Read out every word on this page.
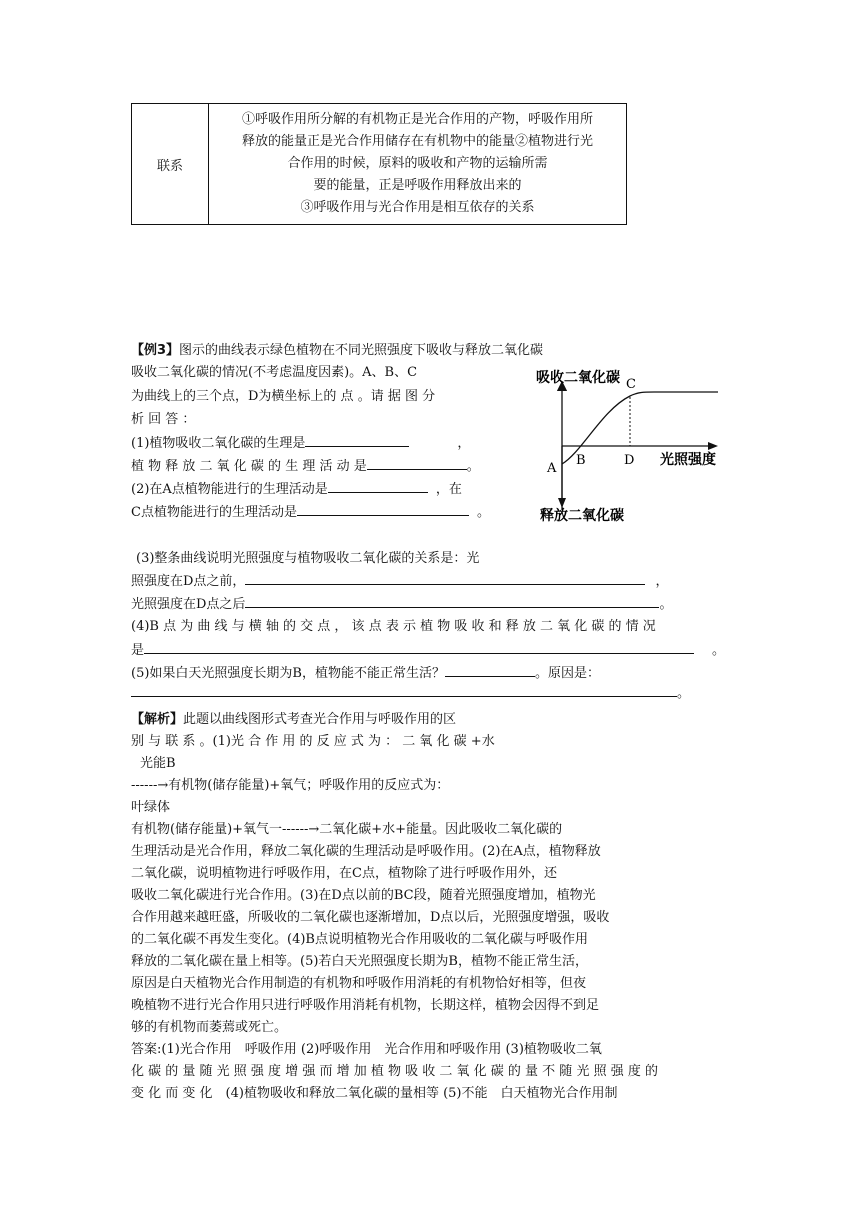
联系	
①呼吸作用所分解的有机物正是光合作用的产物，呼吸作用所
释放的能量正是光合作用储存在有机物中的能量②植物进行光
合作用的时候，原料的吸收和产物的运输所需
要的能量，正是呼吸作用释放出来的
③呼吸作用与光合作用是相互依存的关系
【例3】图示的曲线表示绿色植物在不同光照强度下吸收与释放二氧化碳
吸收二氧化碳的情况(不考虑温度因素)。A、B、C
为曲线上的三个点，D为横坐标上的 点 。请 据 图 分
析 回 答 ：
(1)植物吸收二氧化碳的生理是	，
植 物 释 放 二 氧 化 碳 的 生 理 活 动 是	。
(2)在A点植物能进行的生理活动是	，在
C点植物能进行的生理活动是	。
吸收二氧化碳
释放二氧化碳
光照强度
A
B
C
D
(3)整条曲线说明光照强度与植物吸收二氧化碳的关系是：光
照强度在D点之前，	，
光照强度在D点之后	。
(4)B 点 为 曲 线 与 横 轴 的 交 点 ， 该 点 表 示 植 物 吸 收 和 释 放 二 氧 化 碳 的 情 况
是	。
(5)如果白天光照强度长期为B，植物能不能正常生活？	。原因是：
。
【解析】此题以曲线图形式考查光合作用与呼吸作用的区
别 与 联 系 。(1)光 合 作 用 的 反 应 式 为 ： 二 氧 化 碳 +水
光能B
------→有机物(储存能量)+氧气；呼吸作用的反应式为：
叶绿体
有机物(储存能量)+氧气一------→二氧化碳+水+能量。因此吸收二氧化碳的
生理活动是光合作用，释放二氧化碳的生理活动是呼吸作用。(2)在A点，植物释放
二氧化碳，说明植物进行呼吸作用，在C点，植物除了进行呼吸作用外，还
吸收二氧化碳进行光合作用。(3)在D点以前的BC段，随着光照强度增加，植物光
合作用越来越旺盛，所吸收的二氧化碳也逐渐增加，D点以后，光照强度增强，吸收
的二氧化碳不再发生变化。(4)B点说明植物光合作用吸收的二氧化碳与呼吸作用
释放的二氧化碳在量上相等。(5)若白天光照强度长期为B，植物不能正常生活，
原因是白天植物光合作用制造的有机物和呼吸作用消耗的有机物恰好相等，但夜
晚植物不进行光合作用只进行呼吸作用消耗有机物，长期这样，植物会因得不到足
够的有机物而萎蔫或死亡。
答案:(1)光合作用　呼吸作用 (2)呼吸作用　光合作用和呼吸作用 (3)植物吸收二氧
化 碳 的 量 随 光 照 强 度 增 强 而 增 加 植 物 吸 收 二 氧 化 碳 的 量 不 随 光 照 强 度 的
变 化 而 变 化　(4)植物吸收和释放二氧化碳的量相等 (5)不能　白天植物光合作用制
